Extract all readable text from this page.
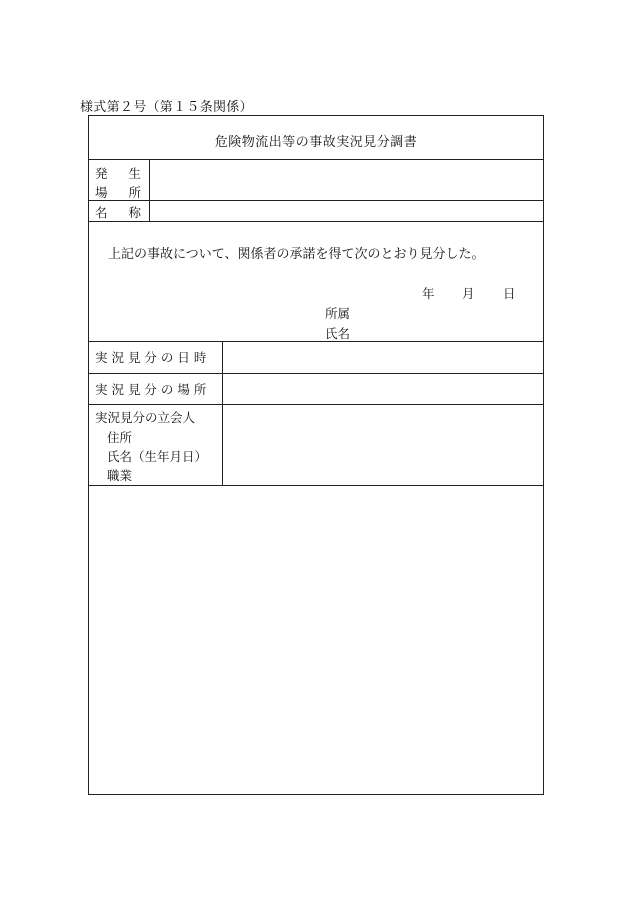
様式第２号（第１５条関係）
危険物流出等の事故実況見分調書
発 生
場 所
名 称
上記の事故について、関係者の承諾を得て次のとおり見分した。
年 月 日
所属
氏名
実 況 見 分 の 日 時
実 況 見 分 の 場 所
実況見分の立会人
住所
氏名（生年月日）
職業
